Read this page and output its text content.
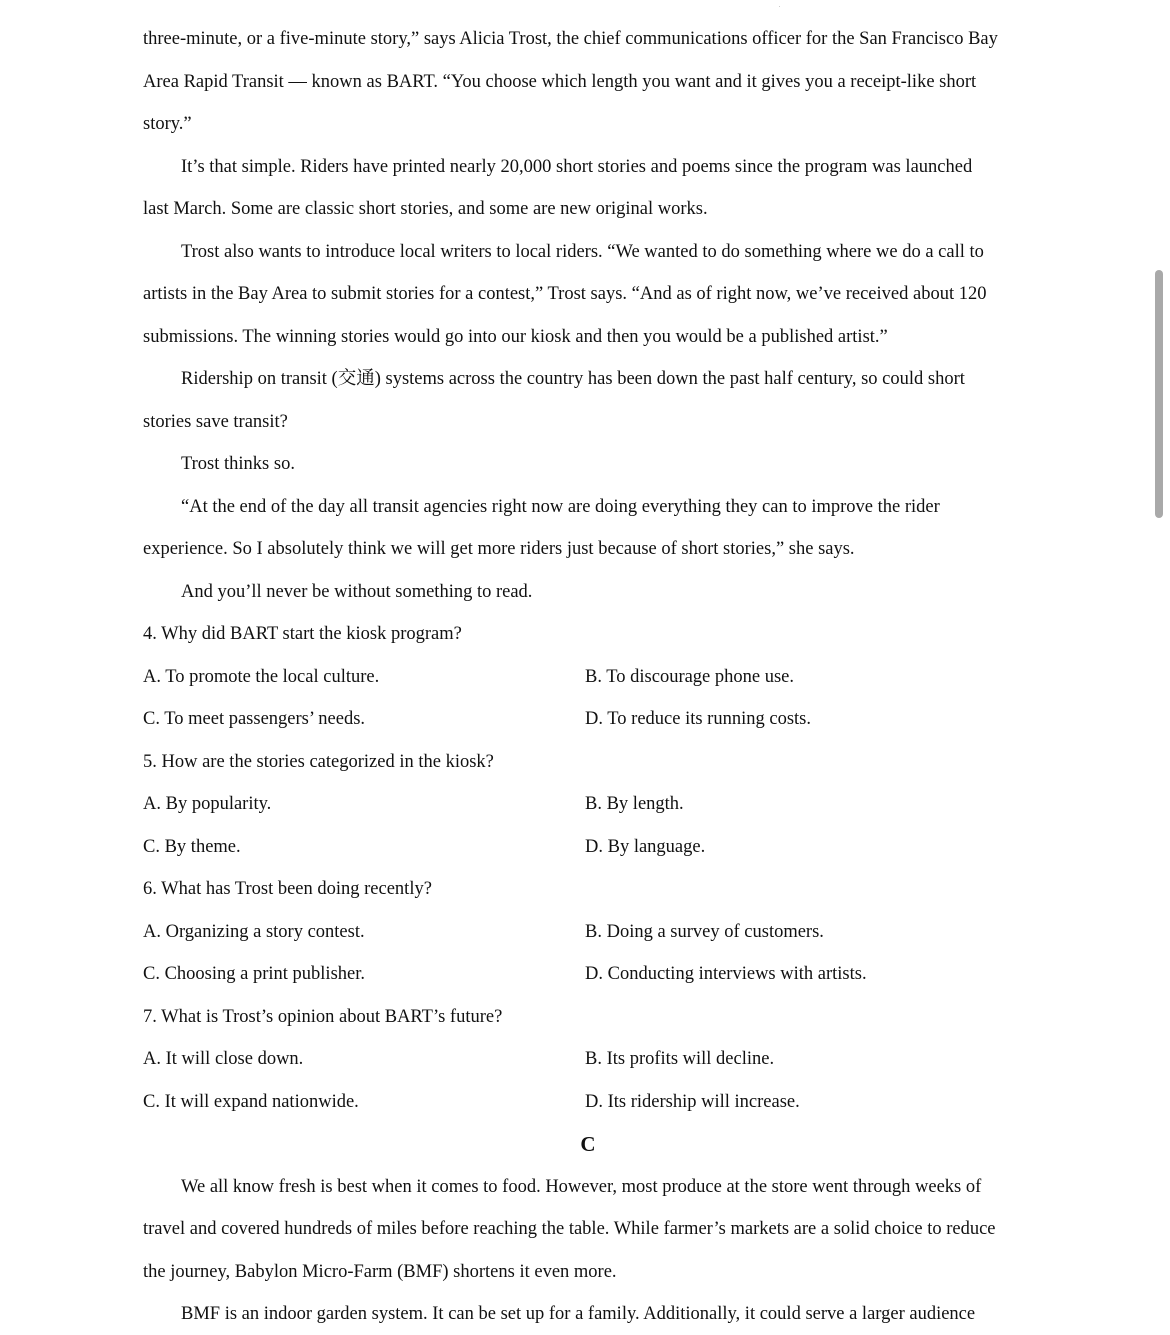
three-minute, or a five-minute story,” says Alicia Trost, the chief communications officer for the San Francisco Bay
Area Rapid Transit — known as BART. “You choose which length you want and it gives you a receipt-like short
story.”
It’s that simple. Riders have printed nearly 20,000 short stories and poems since the program was launched
last March. Some are classic short stories, and some are new original works.
Trost also wants to introduce local writers to local riders. “We wanted to do something where we do a call to
artists in the Bay Area to submit stories for a contest,” Trost says. “And as of right now, we’ve received about 120
submissions. The winning stories would go into our kiosk and then you would be a published artist.”
Ridership on transit (交通) systems across the country has been down the past half century, so could short
stories save transit?
Trost thinks so.
“At the end of the day all transit agencies right now are doing everything they can to improve the rider
experience. So I absolutely think we will get more riders just because of short stories,” she says.
And you’ll never be without something to read.
4. Why did BART start the kiosk program?
A. To promote the local culture.	B. To discourage phone use.
C. To meet passengers’ needs.	D. To reduce its running costs.
5. How are the stories categorized in the kiosk?
A. By popularity.	B. By length.
C. By theme.	D. By language.
6. What has Trost been doing recently?
A. Organizing a story contest.	B. Doing a survey of customers.
C. Choosing a print publisher.	D. Conducting interviews with artists.
7. What is Trost’s opinion about BART’s future?
A. It will close down.	B. Its profits will decline.
C. It will expand nationwide.	D. Its ridership will increase.
C
We all know fresh is best when it comes to food. However, most produce at the store went through weeks of
travel and covered hundreds of miles before reaching the table. While farmer’s markets are a solid choice to reduce
the journey, Babylon Micro-Farm (BMF) shortens it even more.
BMF is an indoor garden system. It can be set up for a family. Additionally, it could serve a larger audience
